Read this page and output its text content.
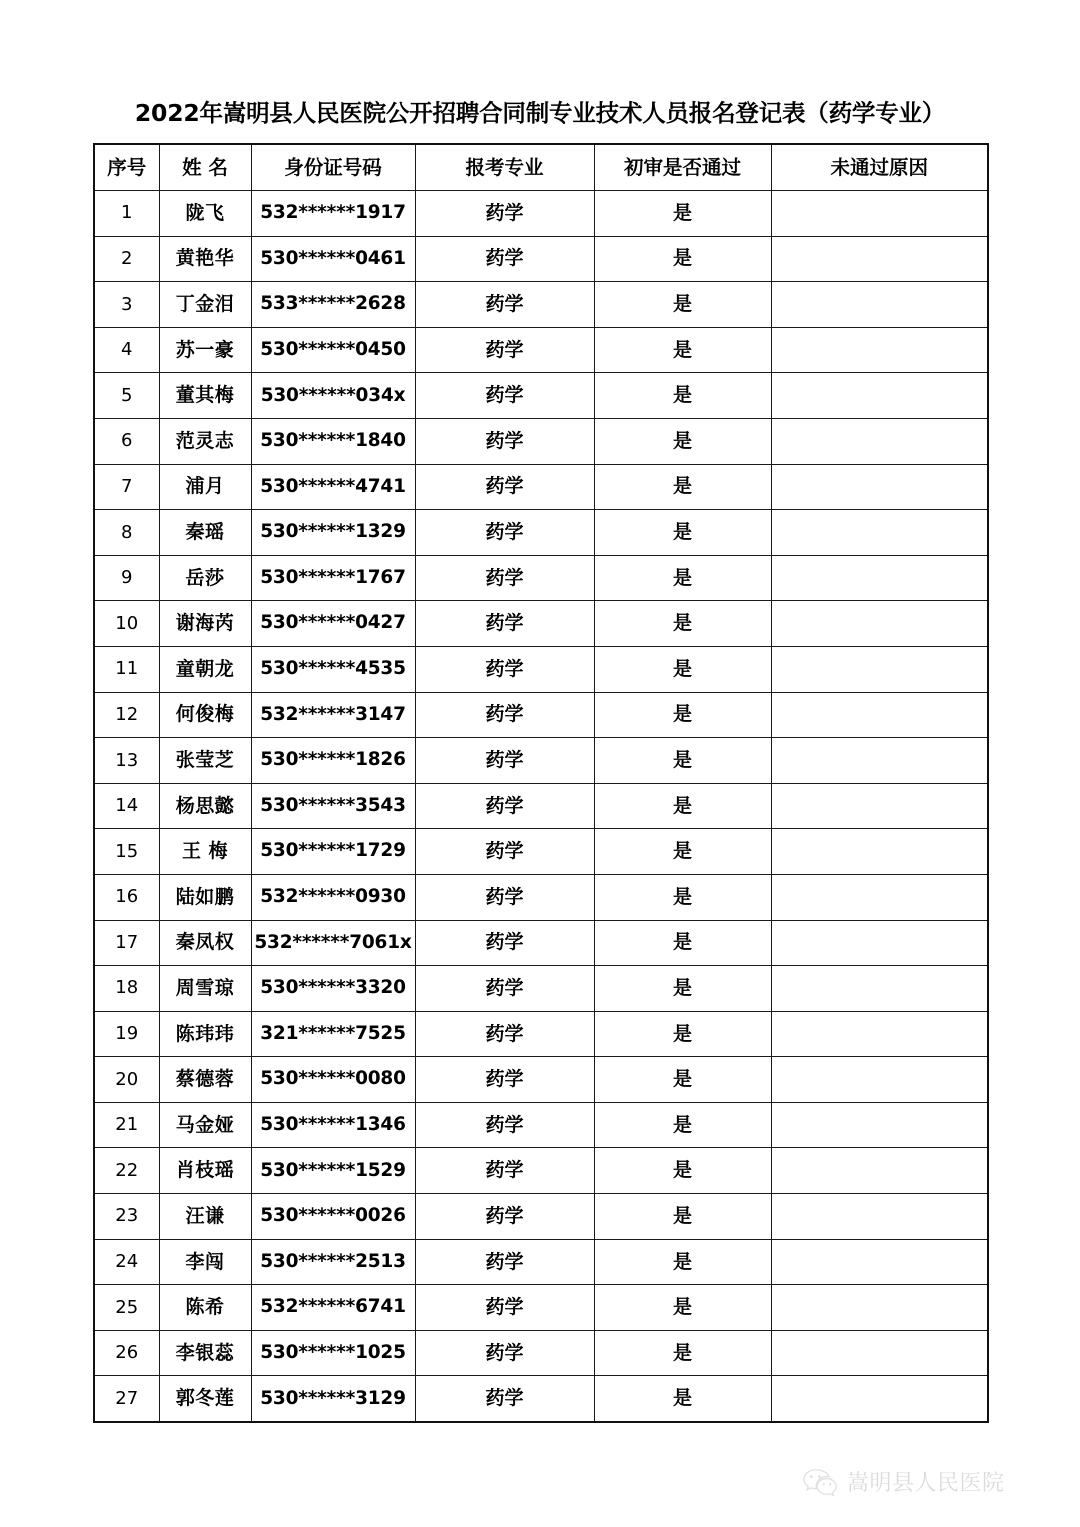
2022年嵩明县人民医院公开招聘合同制专业技术人员报名登记表（药学专业）
序号	姓 名	身份证号码	报考专业	初审是否通过	未通过原因
1	陇飞	532******1917	药学	是	
2	黄艳华	530******0461	药学	是	
3	丁金泪	533******2628	药学	是	
4	苏一豪	530******0450	药学	是	
5	董其梅	530******034x	药学	是	
6	范灵志	530******1840	药学	是	
7	浦月	530******4741	药学	是	
8	秦瑶	530******1329	药学	是	
9	岳莎	530******1767	药学	是	
10	谢海芮	530******0427	药学	是	
11	童朝龙	530******4535	药学	是	
12	何俊梅	532******3147	药学	是	
13	张莹芝	530******1826	药学	是	
14	杨思懿	530******3543	药学	是	
15	王 梅	530******1729	药学	是	
16	陆如鹏	532******0930	药学	是	
17	秦凤权	532******7061x	药学	是	
18	周雪琼	530******3320	药学	是	
19	陈玮玮	321******7525	药学	是	
20	蔡德蓉	530******0080	药学	是	
21	马金娅	530******1346	药学	是	
22	肖枝瑶	530******1529	药学	是	
23	汪谦	530******0026	药学	是	
24	李闯	530******2513	药学	是	
25	陈希	532******6741	药学	是	
26	李银蕊	530******1025	药学	是	
27	郭冬莲	530******3129	药学	是	
嵩明县人民医院
